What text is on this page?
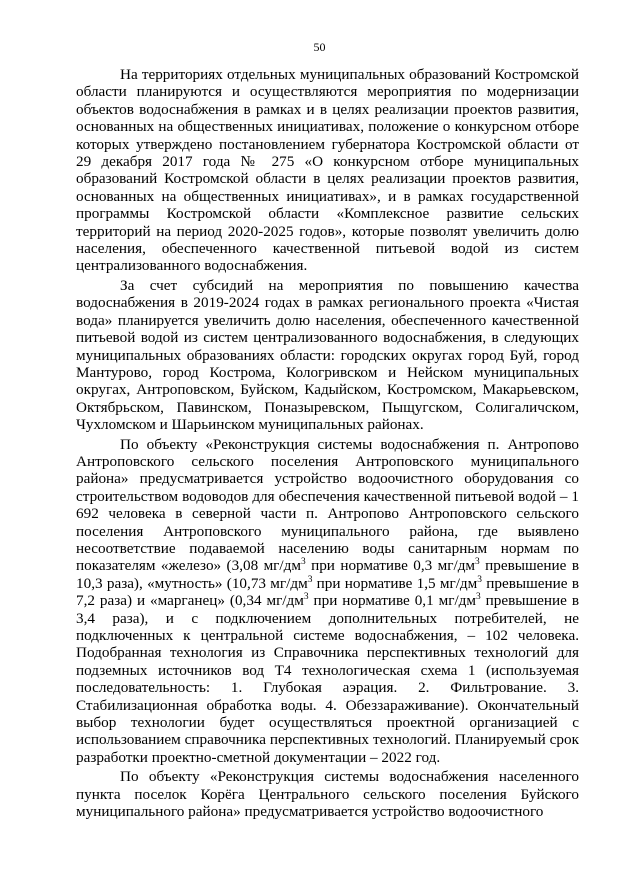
50

На территориях отдельных муниципальных образований Костромской области планируются и осуществляются мероприятия по модернизации объектов водоснабжения в рамках и в целях реализации проектов развития, основанных на общественных инициативах, положение о конкурсном отборе которых утверждено постановлением губернатора Костромской области от 29 декабря 2017 года № 275 «О конкурсном отборе муниципальных образований Костромской области в целях реализации проектов развития, основанных на общественных инициативах», и в рамках государственной программы Костромской области «Комплексное развитие сельских территорий на период 2020-2025 годов», которые позволят увеличить долю населения, обеспеченного качественной питьевой водой из систем централизованного водоснабжения.

За счет субсидий на мероприятия по повышению качества водоснабжения в 2019-2024 годах в рамках регионального проекта «Чистая вода» планируется увеличить долю населения, обеспеченного качественной питьевой водой из систем централизованного водоснабжения, в следующих муниципальных образованиях области: городских округах город Буй, город Мантурово, город Кострома, Кологривском и Нейском муниципальных округах, Антроповском, Буйском, Кадыйском, Костромском, Макарьевском, Октябрьском, Павинском, Поназыревском, Пыщугском, Солигаличском, Чухломском и Шарьинском муниципальных районах.

По объекту «Реконструкция системы водоснабжения п. Антропово Антроповского сельского поселения Антроповского муниципального района» предусматривается устройство водоочистного оборудования со строительством водоводов для обеспечения качественной питьевой водой – 1 692 человека в северной части п. Антропово Антроповского сельского поселения Антроповского муниципального района, где выявлено несоответствие подаваемой населению воды санитарным нормам по показателям «железо» (3,08 $мг/дм^3$ при нормативе 0,3 $мг/дм^3$ превышение в 10,3 раза), «мутность» (10,73 $мг/дм^3$ при нормативе 1,5 $мг/дм^3$ превышение в 7,2 раза) и «марганец» (0,34 $мг/дм^3$ при нормативе 0,1 $мг/дм^3$ превышение в 3,4 раза), и с подключением дополнительных потребителей, не подключенных к центральной системе водоснабжения, – 102 человека. Подобранная технология из Справочника перспективных технологий для подземных источников вод Т4 технологическая схема 1 (используемая последовательность: 1. Глубокая аэрация. 2. Фильтрование. 3. Стабилизационная обработка воды. 4. Обеззараживание). Окончательный выбор технологии будет осуществляться проектной организацией с использованием справочника перспективных технологий. Планируемый срок разработки проектно-сметной документации – 2022 год.

По объекту «Реконструкция системы водоснабжения населенного пункта поселок Корёга Центрального сельского поселения Буйского муниципального района» предусматривается устройство водоочистного
